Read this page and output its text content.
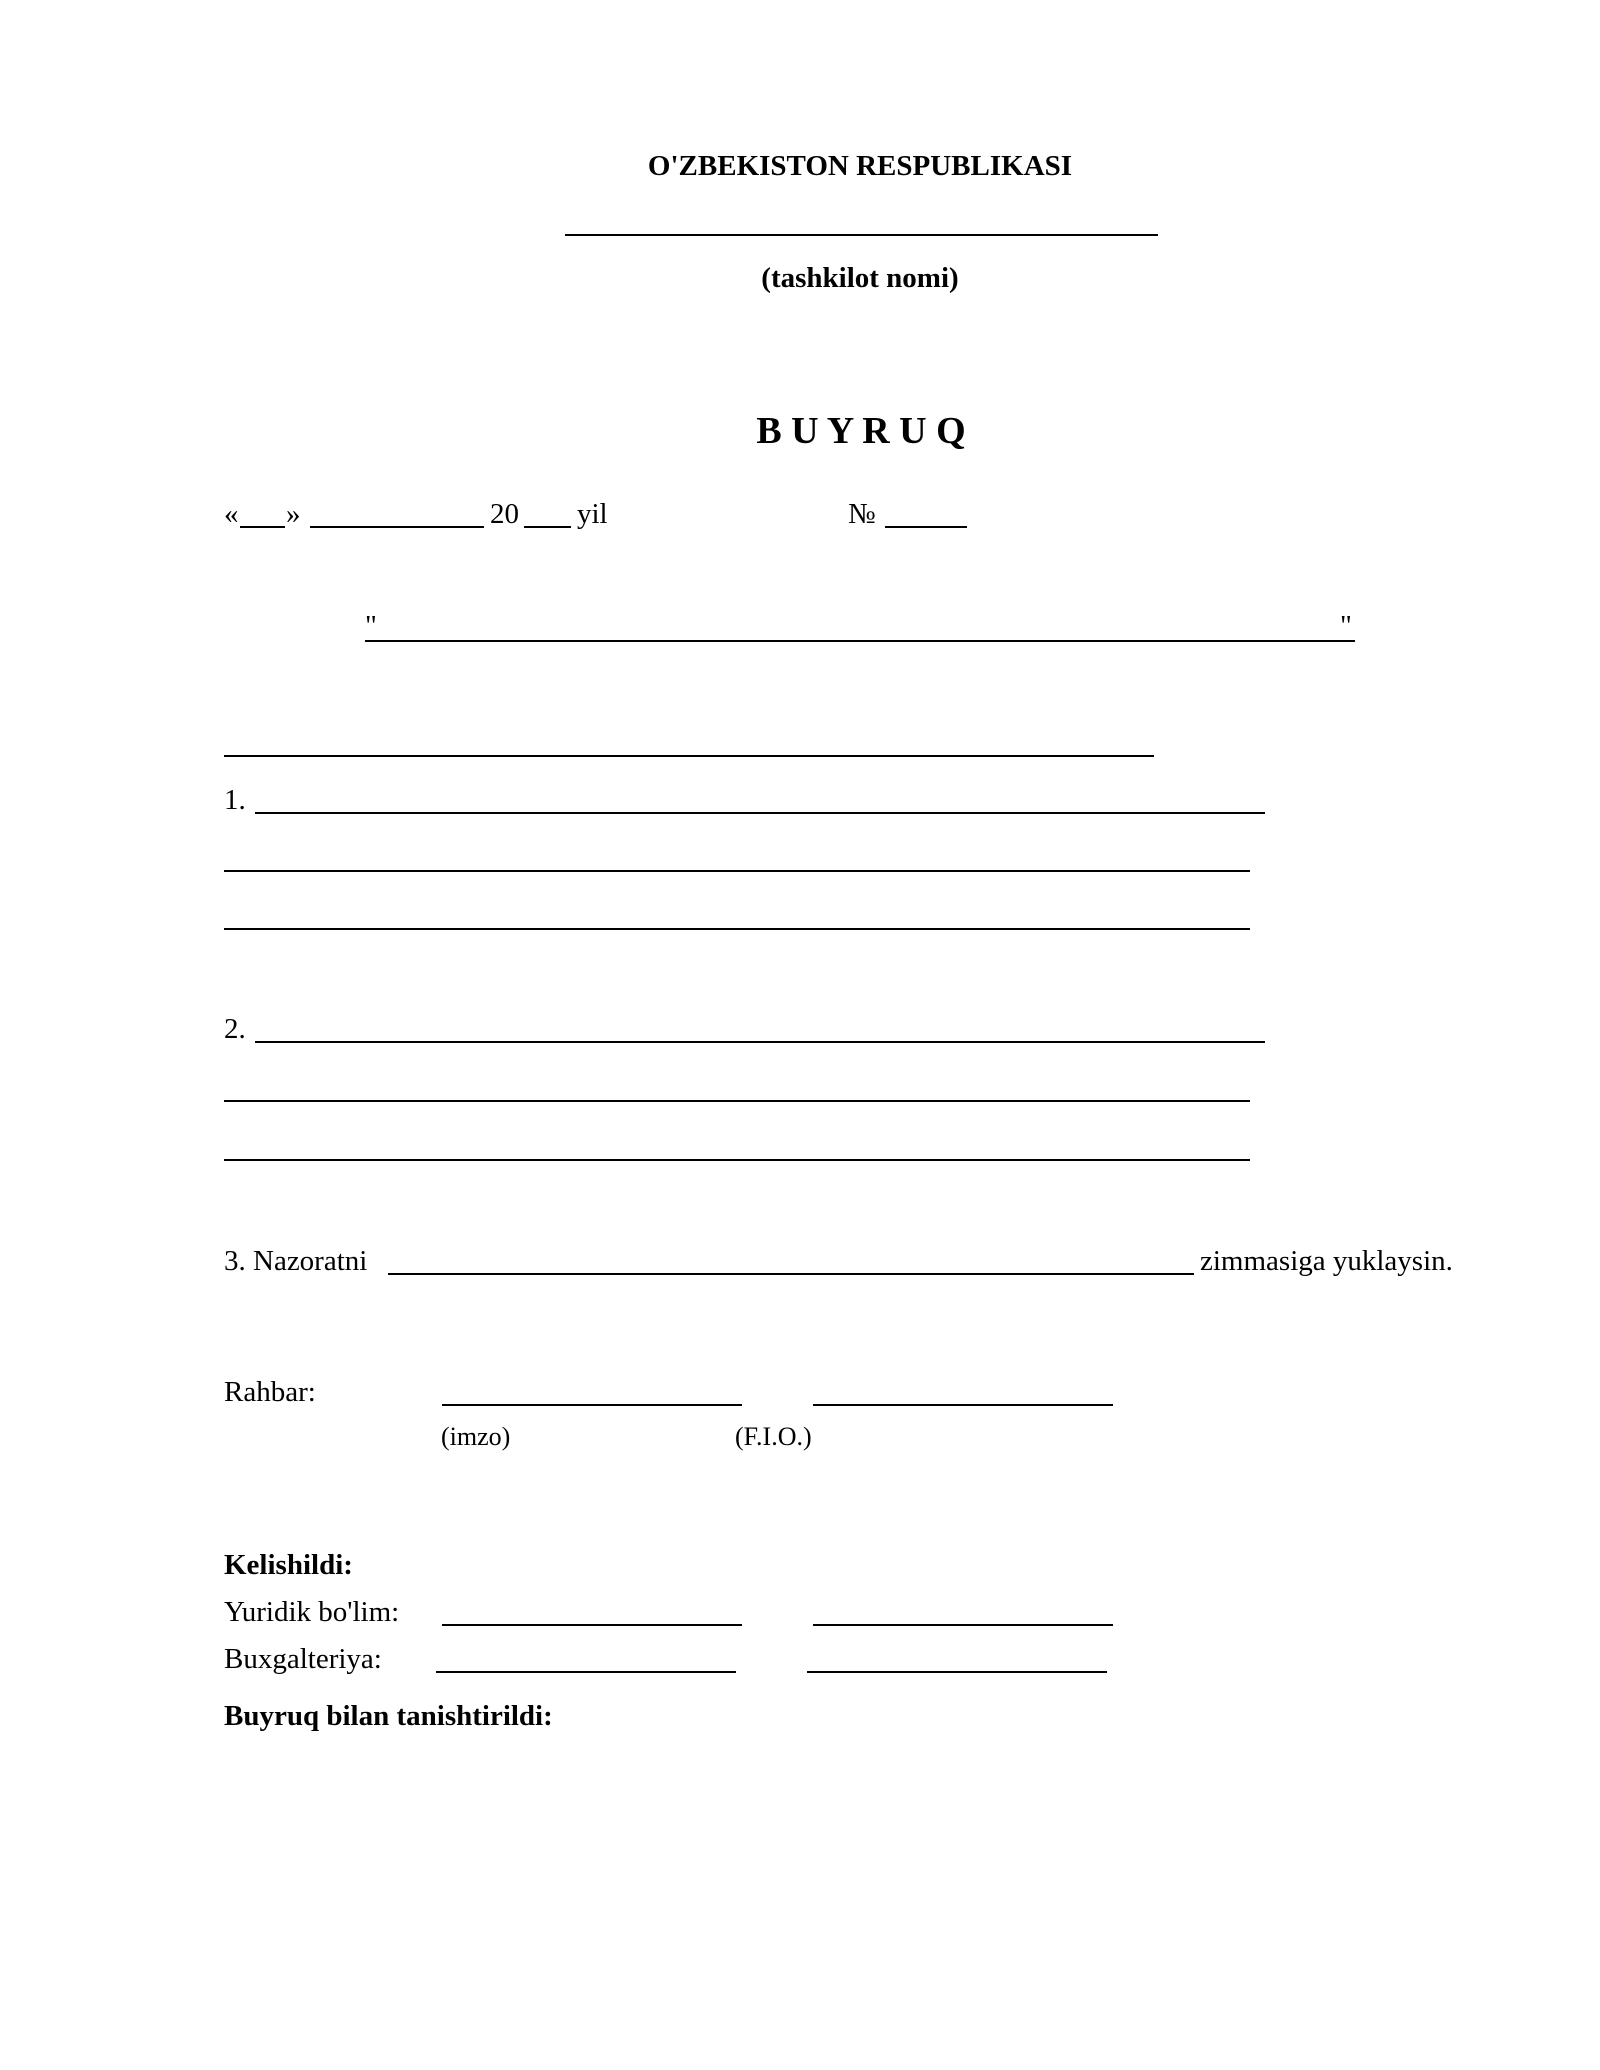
O'ZBEKISTON RESPUBLIKASI
(tashkilot nomi)
B U Y R U Q
« »	20 yil	№
"	"
1.
2.
3. Nazoratni	zimmasiga yuklaysin.
Rahbar:
(imzo)	(F.I.O.)
Kelishildi:
Yuridik bo'lim:
Buxgalteriya:
Buyruq bilan tanishtirildi:
